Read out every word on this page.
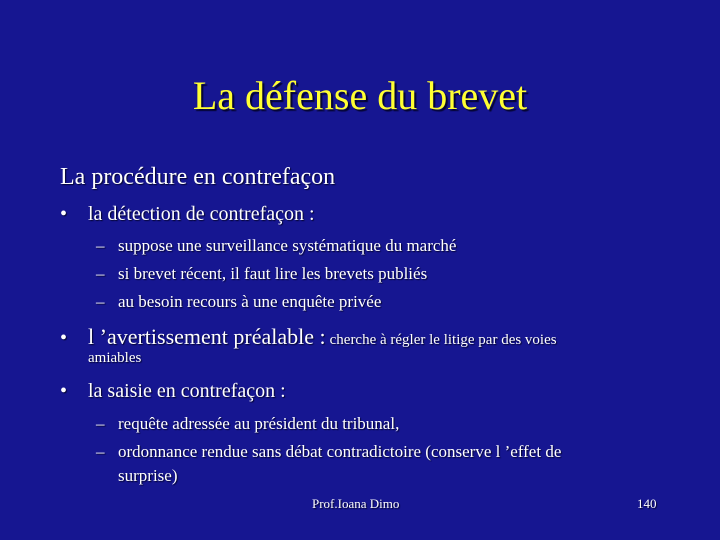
La défense du brevet
La procédure en contrefaçon
• la détection de contrefaçon :
– suppose une surveillance systématique du marché
– si brevet récent, il faut lire les brevets publiés
– au besoin recours à une enquête privée
• l ’avertissement préalable : cherche à régler le litige par des voies
amiables
• la saisie en contrefaçon :
– requête adressée au président du tribunal,
– ordonnance rendue sans débat contradictoire (conserve l ’effet de
surprise)
Prof.Ioana Dimo	140
